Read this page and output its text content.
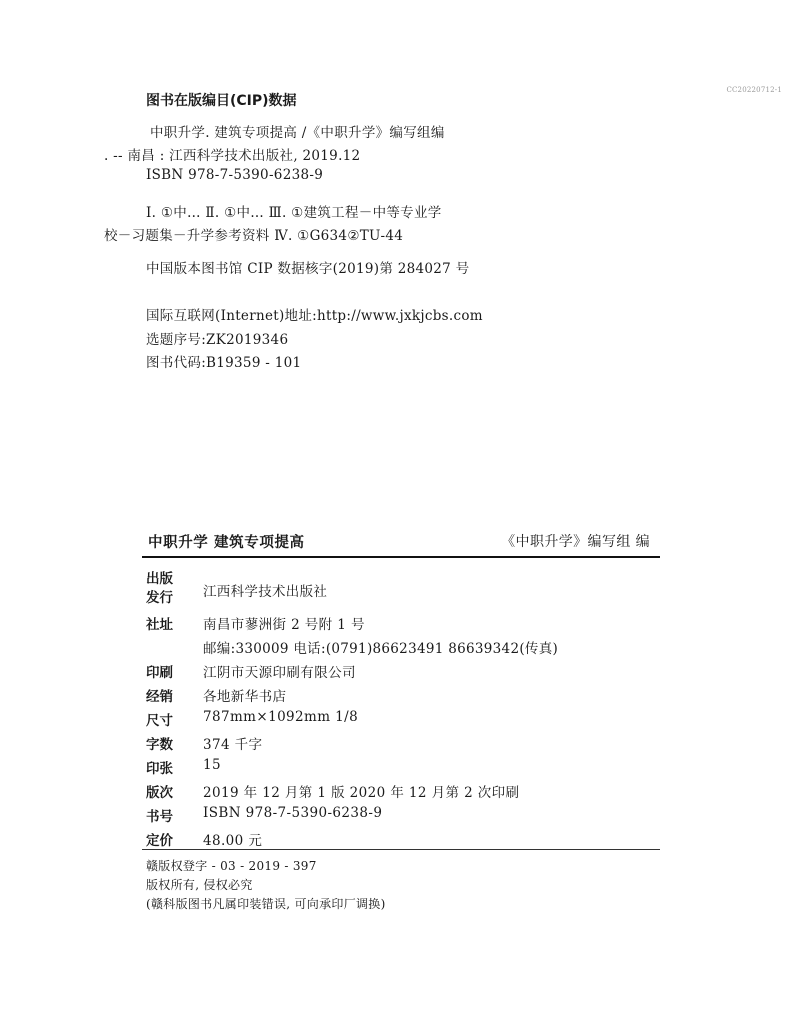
CC20220712-1
图书在版编目(CIP)数据
中职升学. 建筑专项提高 /《中职升学》编写组编
. -- 南昌 : 江西科学技术出版社, 2019.12
ISBN 978-7-5390-6238-9
Ⅰ. ①中… Ⅱ. ①中… Ⅲ. ①建筑工程－中等专业学
校－习题集－升学参考资料 Ⅳ. ①G634②TU-44
中国版本图书馆 CIP 数据核字(2019)第 284027 号
国际互联网(Internet)地址:http://www.jxkjcbs.com
选题序号:ZK2019346
图书代码:B19359 - 101
中职升学 建筑专项提高	《中职升学》编写组 编
出版
发行 江西科学技术出版社
社址 南昌市蓼洲街 2 号附 1 号
邮编:330009 电话:(0791)86623491 86639342(传真)
印刷 江阴市天源印刷有限公司
经销 各地新华书店
尺寸 787mm×1092mm 1/8
字数 374 千字
印张 15
版次 2019 年 12 月第 1 版 2020 年 12 月第 2 次印刷
书号 ISBN 978-7-5390-6238-9
定价 48.00 元
赣版权登字 - 03 - 2019 - 397
版权所有, 侵权必究
(赣科版图书凡属印装错误, 可向承印厂调换)
